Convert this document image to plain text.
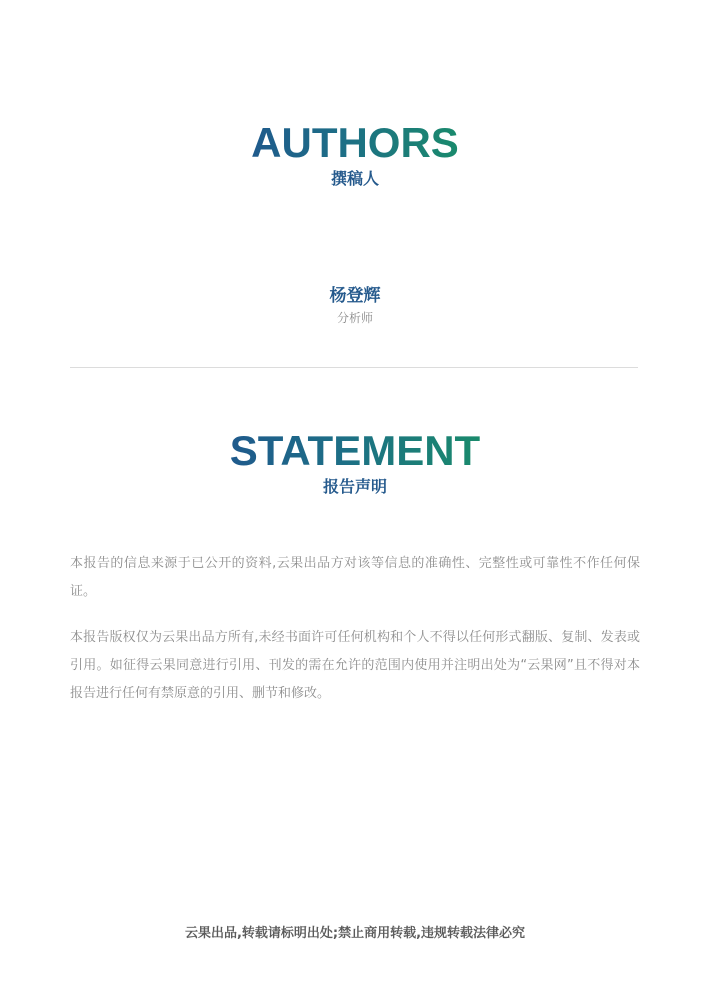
AUTHORS
撰稿人
杨登辉
分析师
STATEMENT
报告声明

本报告的信息来源于已公开的资料,云果出品方对该等信息的准确性、完整性或可靠性不作任何保证。

本报告版权仅为云果出品方所有,未经书面许可任何机构和个人不得以任何形式翻版、复制、发表或引用。如征得云果同意进行引用、刊发的需在允许的范围内使用并注明出处为“云果网”且不得对本报告进行任何有禁原意的引用、删节和修改。

云果出品,转载请标明出处;禁止商用转载,违规转载法律必究
